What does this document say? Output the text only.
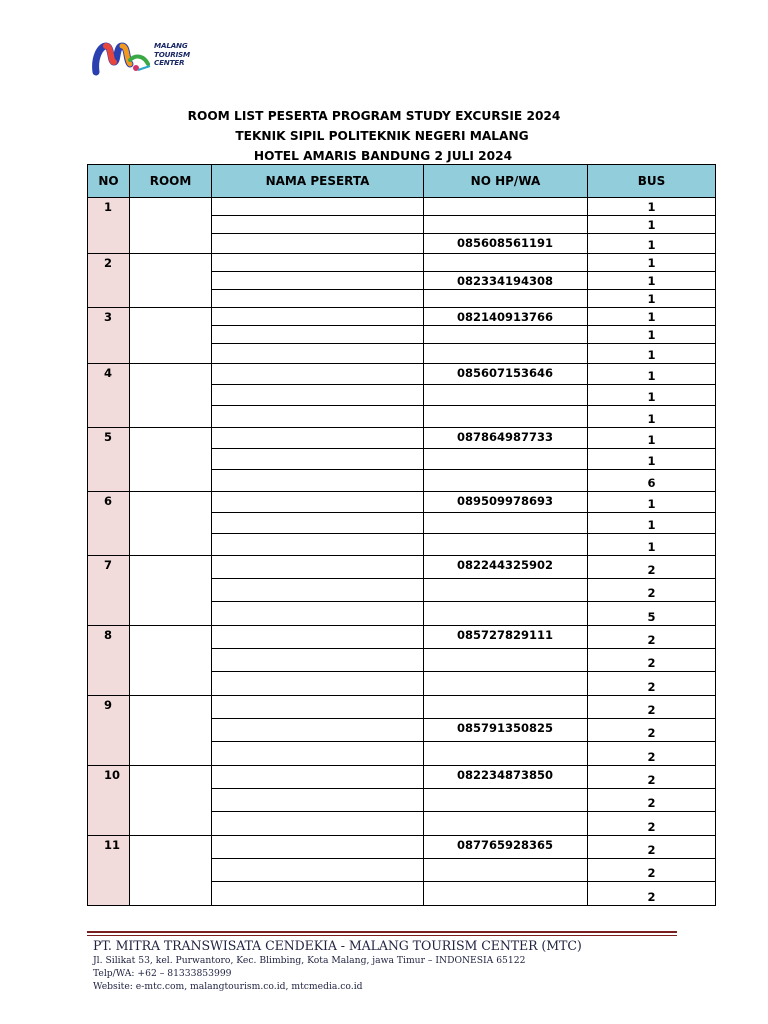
MALANG
TOURISM
CENTER
ROOM LIST PESERTA PROGRAM STUDY EXCURSIE 2024
TEKNIK SIPIL POLITEKNIK NEGERI MALANG
HOTEL AMARIS BANDUNG 2 JULI 2024
NO	ROOM	NAMA PESERTA	NO HP/WA	BUS
1				1
				1
			085608561191	1
2				1
			082334194308	1
				1
3			082140913766	1
				1
				1
4			085607153646	1
				1
				1
5			087864987733	1
				1
				6
6			089509978693	1
				1
				1
7			082244325902	2
				2
				5
8			085727829111	2
				2
				2
9				2
			085791350825	2
				2
10			082234873850	2
				2
				2
11			087765928365	2
				2
				2
PT. MITRA TRANSWISATA CENDEKIA - MALANG TOURISM CENTER (MTC)
Jl. Silikat 53, kel. Purwantoro, Kec. Blimbing, Kota Malang, jawa Timur – INDONESIA 65122
Telp/WA: +62 – 81333853999
Website: e-mtc.com, malangtourism.co.id, mtcmedia.co.id
